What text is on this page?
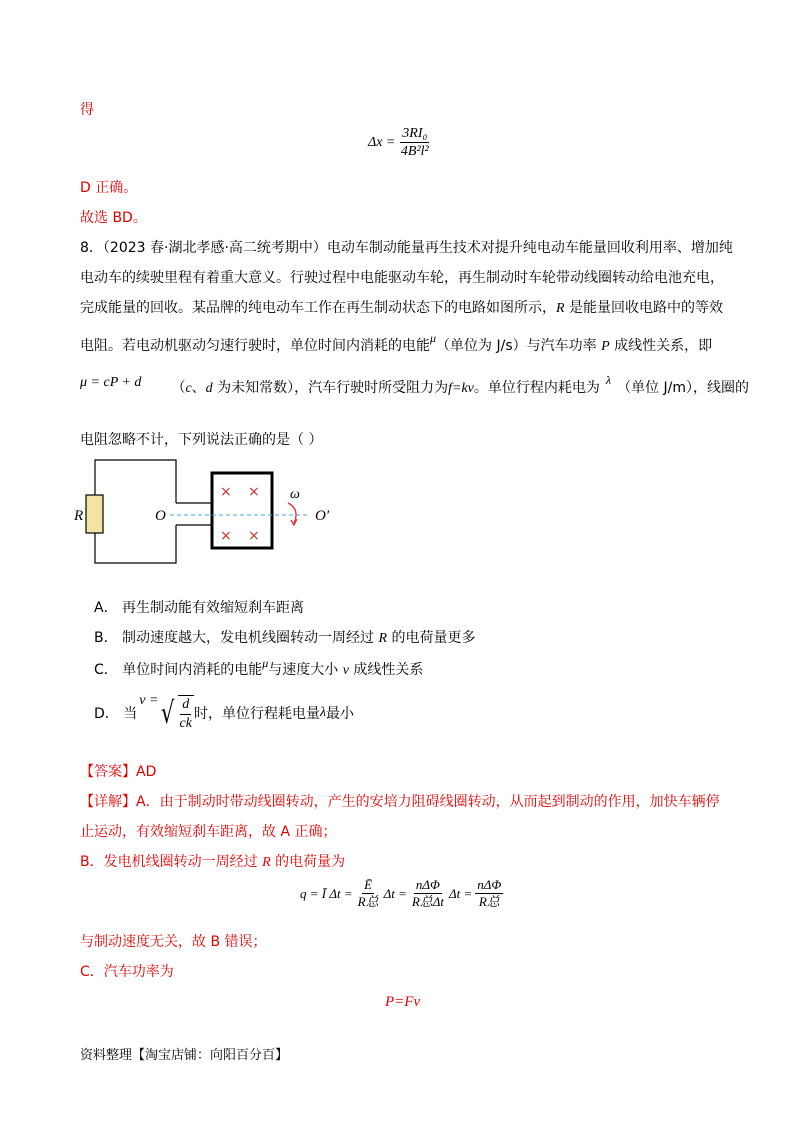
得
$\Delta x = \frac{\text{3RI₀}}{\text{4B²l²}}$
D 正确。
故选 BD。
8．（2023 春·湖北孝感·高二统考期中）电动车制动能量再生技术对提升纯电动车能量回收利用率、增加纯
电动车的续驶里程有着重大意义。行驶过程中电能驱动车轮，再生制动时车轮带动线圈转动给电池充电，
完成能量的回收。某品牌的纯电动车工作在再生制动状态下的电路如图所示，R 是能量回收电路中的等效
电阻。若电动机驱动匀速行驶时，单位时间内消耗的电能μ（单位为 J/s）与汽车功率 P 成线性关系，即
μ = cP + d （c、d 为未知常数），汽车行驶时所受阻力为f=kv。单位行程内耗电为 λ （单位 J/m），线圈的
电阻忽略不计，下列说法正确的是（ ）
R	O	O′
ω
× ×
× ×
A． 再生制动能有效缩短刹车距离
B． 制动速度越大，发电机线圈转动一周经过 R 的电荷量更多
C． 单位时间内消耗的电能μ与速度大小 v 成线性关系
D． 当
v = √ $\frac{d}{ck}$ 时，单位行程耗电量 λ 最小
【答案】AD
【详解】A．由于制动时带动线圈转动，产生的安培力阻碍线圈转动，从而起到制动的作用，加快车辆停
止运动，有效缩短刹车距离，故 A 正确；
B．发电机线圈转动一周经过 R 的电荷量为
q = Ī $\Delta t = \frac{Ē}{\text{R总}}$ $\Delta t = \frac{\text{nΔΦ}}{\text{R总Δt}}$ $\Delta t = \frac{\text{nΔΦ}}{\text{R总}}$
与制动速度无关，故 B 错误；
C．汽车功率为
P=Fv
资料整理【淘宝店铺：向阳百分百】
